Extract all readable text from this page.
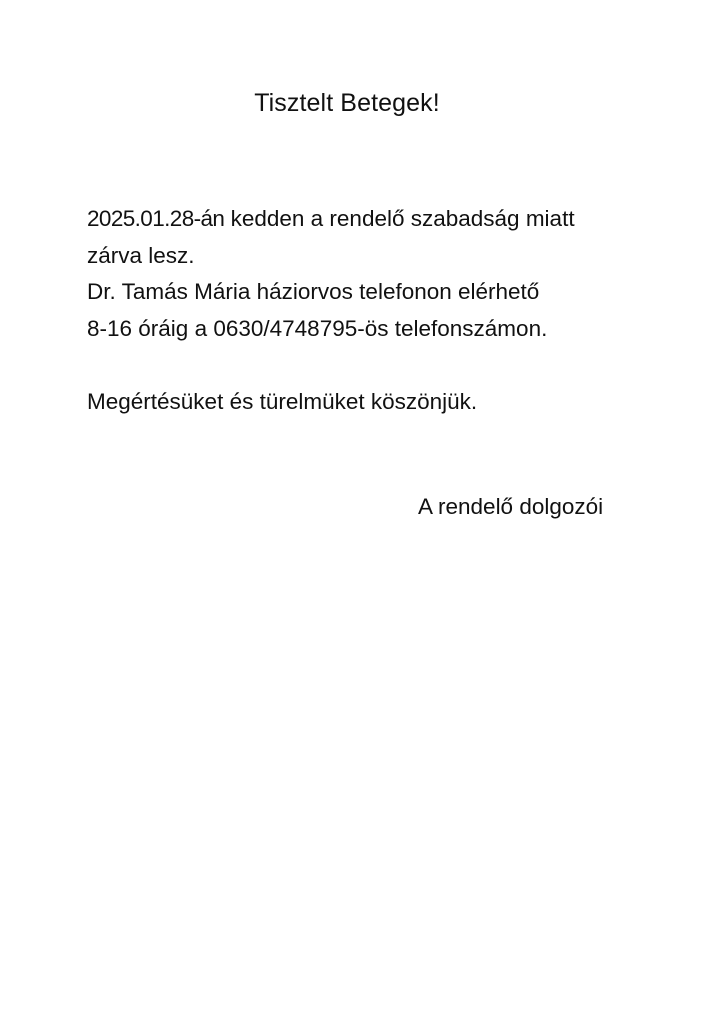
Tisztelt Betegek!
2025.01.28-án kedden a rendelő szabadság miatt
zárva lesz.
Dr. Tamás Mária háziorvos telefonon elérhető
8-16 óráig a 0630/4748795-ös telefonszámon.
Megértésüket és türelmüket köszönjük.
A rendelő dolgozói
